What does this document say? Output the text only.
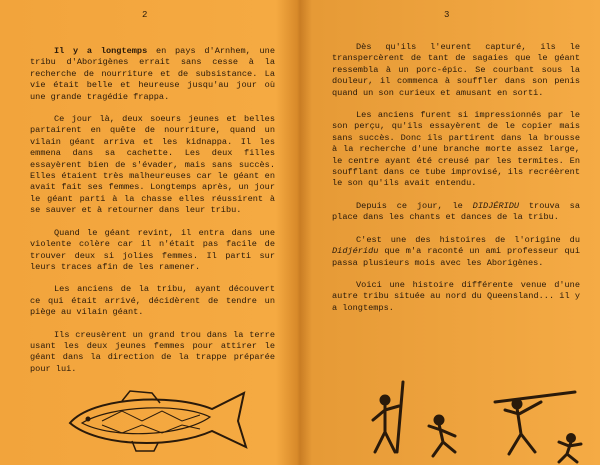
2

Il y a longtemps en pays d'Arnhem, une tribu d'Aborigènes errait sans cesse à la recherche de nourriture et de subsistance. La vie était belle et heureuse jusqu'au jour où une grande tragédie frappa.

Ce jour là, deux soeurs jeunes et belles partairent en quête de nourriture, quand un vilain géant arriva et les kidnappa. Il les emmena dans sa cachette. Les deux filles essayèrent bien de s'évader, mais sans succès. Elles étaient très malheureuses car le géant en avait fait ses femmes. Longtemps après, un jour le géant parti à la chasse elles réussirent à se sauver et à retourner dans leur tribu.

Quand le géant revint, il entra dans une violente colère car il n'était pas facile de trouver deux si jolies femmes. Il parti sur leurs traces afin de les ramener.

Les anciens de la tribu, ayant découvert ce qui était arrivé, décidèrent de tendre un piège au vilain géant.

Ils creusèrent un grand trou dans la terre usant les deux jeunes femmes pour attirer le géant dans la direction de la trappe préparée pour lui.

3

Dès qu'ils l'eurent capturé, ils le transpercèrent de tant de sagaies que le géant ressembla à un porc-épic. Se courbant sous la douleur, il commenca à souffler dans son penis quand un son curieux et amusant en sorti.

Les anciens furent si impressionnés par le son perçu, qu'ils essayèrent de le copier mais sans succès. Donc ils partirent dans la brousse à la recherche d'une branche morte assez large, le centre ayant été creusé par les termites. En soufflant dans ce tube improvisé, ils recréèrent le son qu'ils avait entendu.

Depuis ce jour, le DIDJÉRIDU trouva sa place dans les chants et dances de la tribu.

C'est une des histoires de l'origine du Didjéridu que m'a raconté un ami professeur qui passa plusieurs mois avec les Aborigènes.

Voici une histoire différente venue d'une autre tribu située au nord du Queensland... il y a longtemps.
